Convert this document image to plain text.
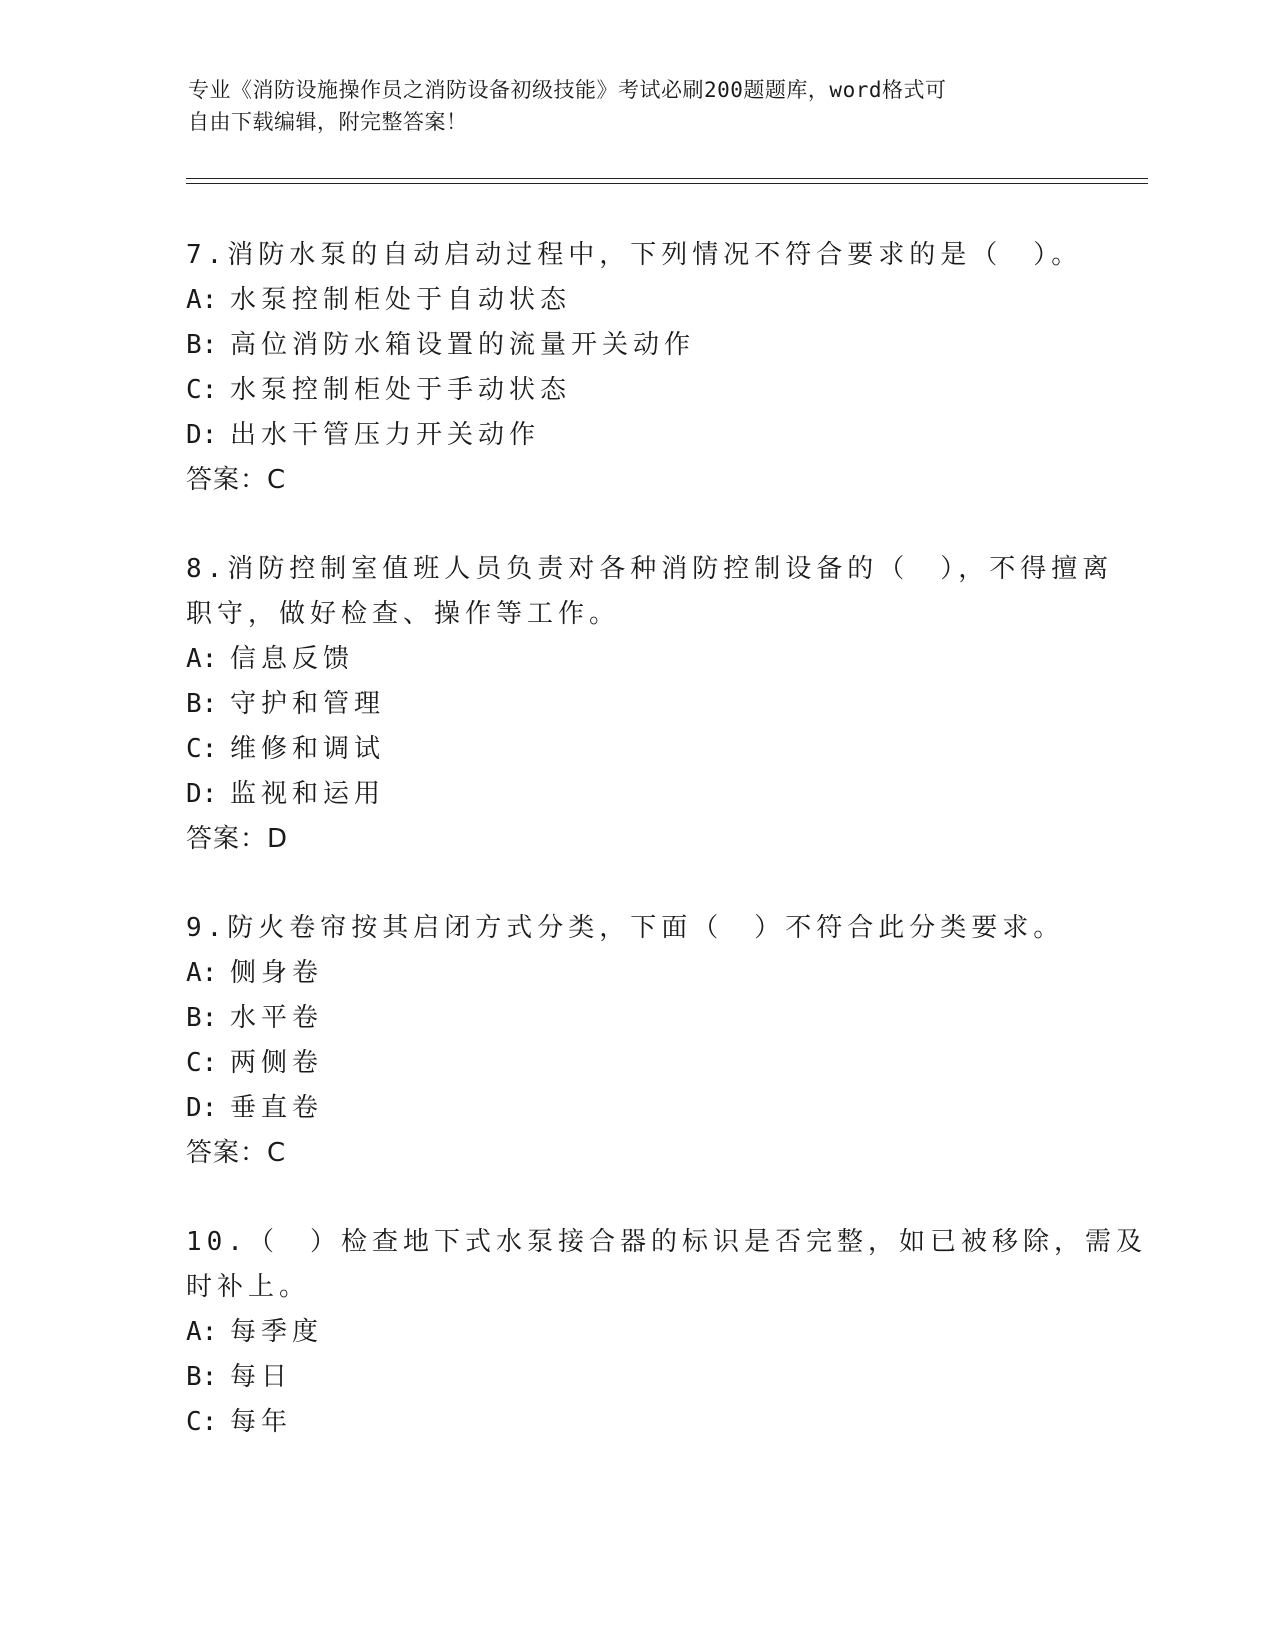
专业《消防设施操作员之消防设备初级技能》考试必刷200题题库，word格式可
自由下载编辑，附完整答案！
7.消防水泵的自动启动过程中，下列情况不符合要求的是（　）。
A: 水泵控制柜处于自动状态
B: 高位消防水箱设置的流量开关动作
C: 水泵控制柜处于手动状态
D: 出水干管压力开关动作
答案：C
8.消防控制室值班人员负责对各种消防控制设备的（　），不得擅离
职守，做好检查、操作等工作。
A: 信息反馈
B: 守护和管理
C: 维修和调试
D: 监视和运用
答案：D
9.防火卷帘按其启闭方式分类，下面（　）不符合此分类要求。
A: 侧身卷
B: 水平卷
C: 两侧卷
D: 垂直卷
答案：C
10.（　）检查地下式水泵接合器的标识是否完整，如已被移除，需及
时补上。
A: 每季度
B: 每日
C: 每年
